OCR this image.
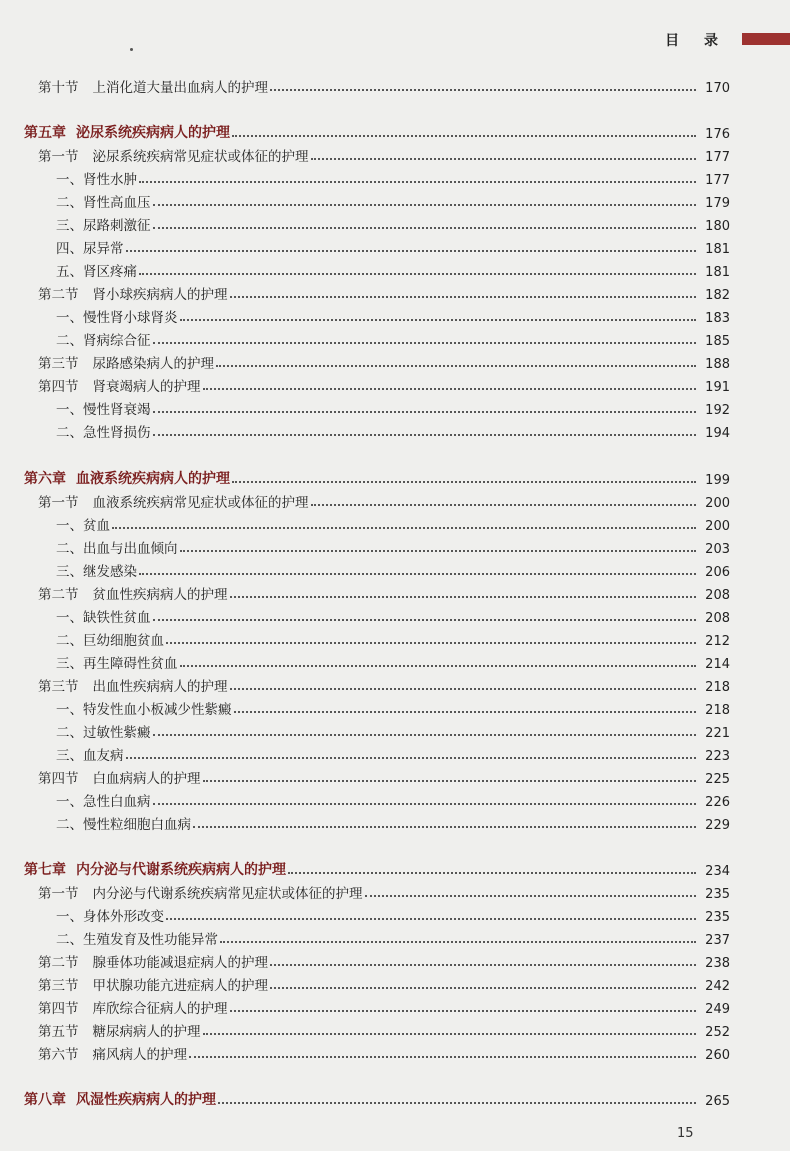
目 录
第十节 上消化道大量出血病人的护理	170
第五章 泌尿系统疾病病人的护理	176
第一节 泌尿系统疾病常见症状或体征的护理	177
一、肾性水肿	177
二、肾性高血压	179
三、尿路刺激征	180
四、尿异常	181
五、肾区疼痛	181
第二节 肾小球疾病病人的护理	182
一、慢性肾小球肾炎	183
二、肾病综合征	185
第三节 尿路感染病人的护理	188
第四节 肾衰竭病人的护理	191
一、慢性肾衰竭	192
二、急性肾损伤	194
第六章 血液系统疾病病人的护理	199
第一节 血液系统疾病常见症状或体征的护理	200
一、贫血	200
二、出血与出血倾向	203
三、继发感染	206
第二节 贫血性疾病病人的护理	208
一、缺铁性贫血	208
二、巨幼细胞贫血	212
三、再生障碍性贫血	214
第三节 出血性疾病病人的护理	218
一、特发性血小板减少性紫癜	218
二、过敏性紫癜	221
三、血友病	223
第四节 白血病病人的护理	225
一、急性白血病	226
二、慢性粒细胞白血病	229
第七章 内分泌与代谢系统疾病病人的护理	234
第一节 内分泌与代谢系统疾病常见症状或体征的护理	235
一、身体外形改变	235
二、生殖发育及性功能异常	237
第二节 腺垂体功能减退症病人的护理	238
第三节 甲状腺功能亢进症病人的护理	242
第四节 库欣综合征病人的护理	249
第五节 糖尿病病人的护理	252
第六节 痛风病人的护理	260
第八章 风湿性疾病病人的护理	265
15
